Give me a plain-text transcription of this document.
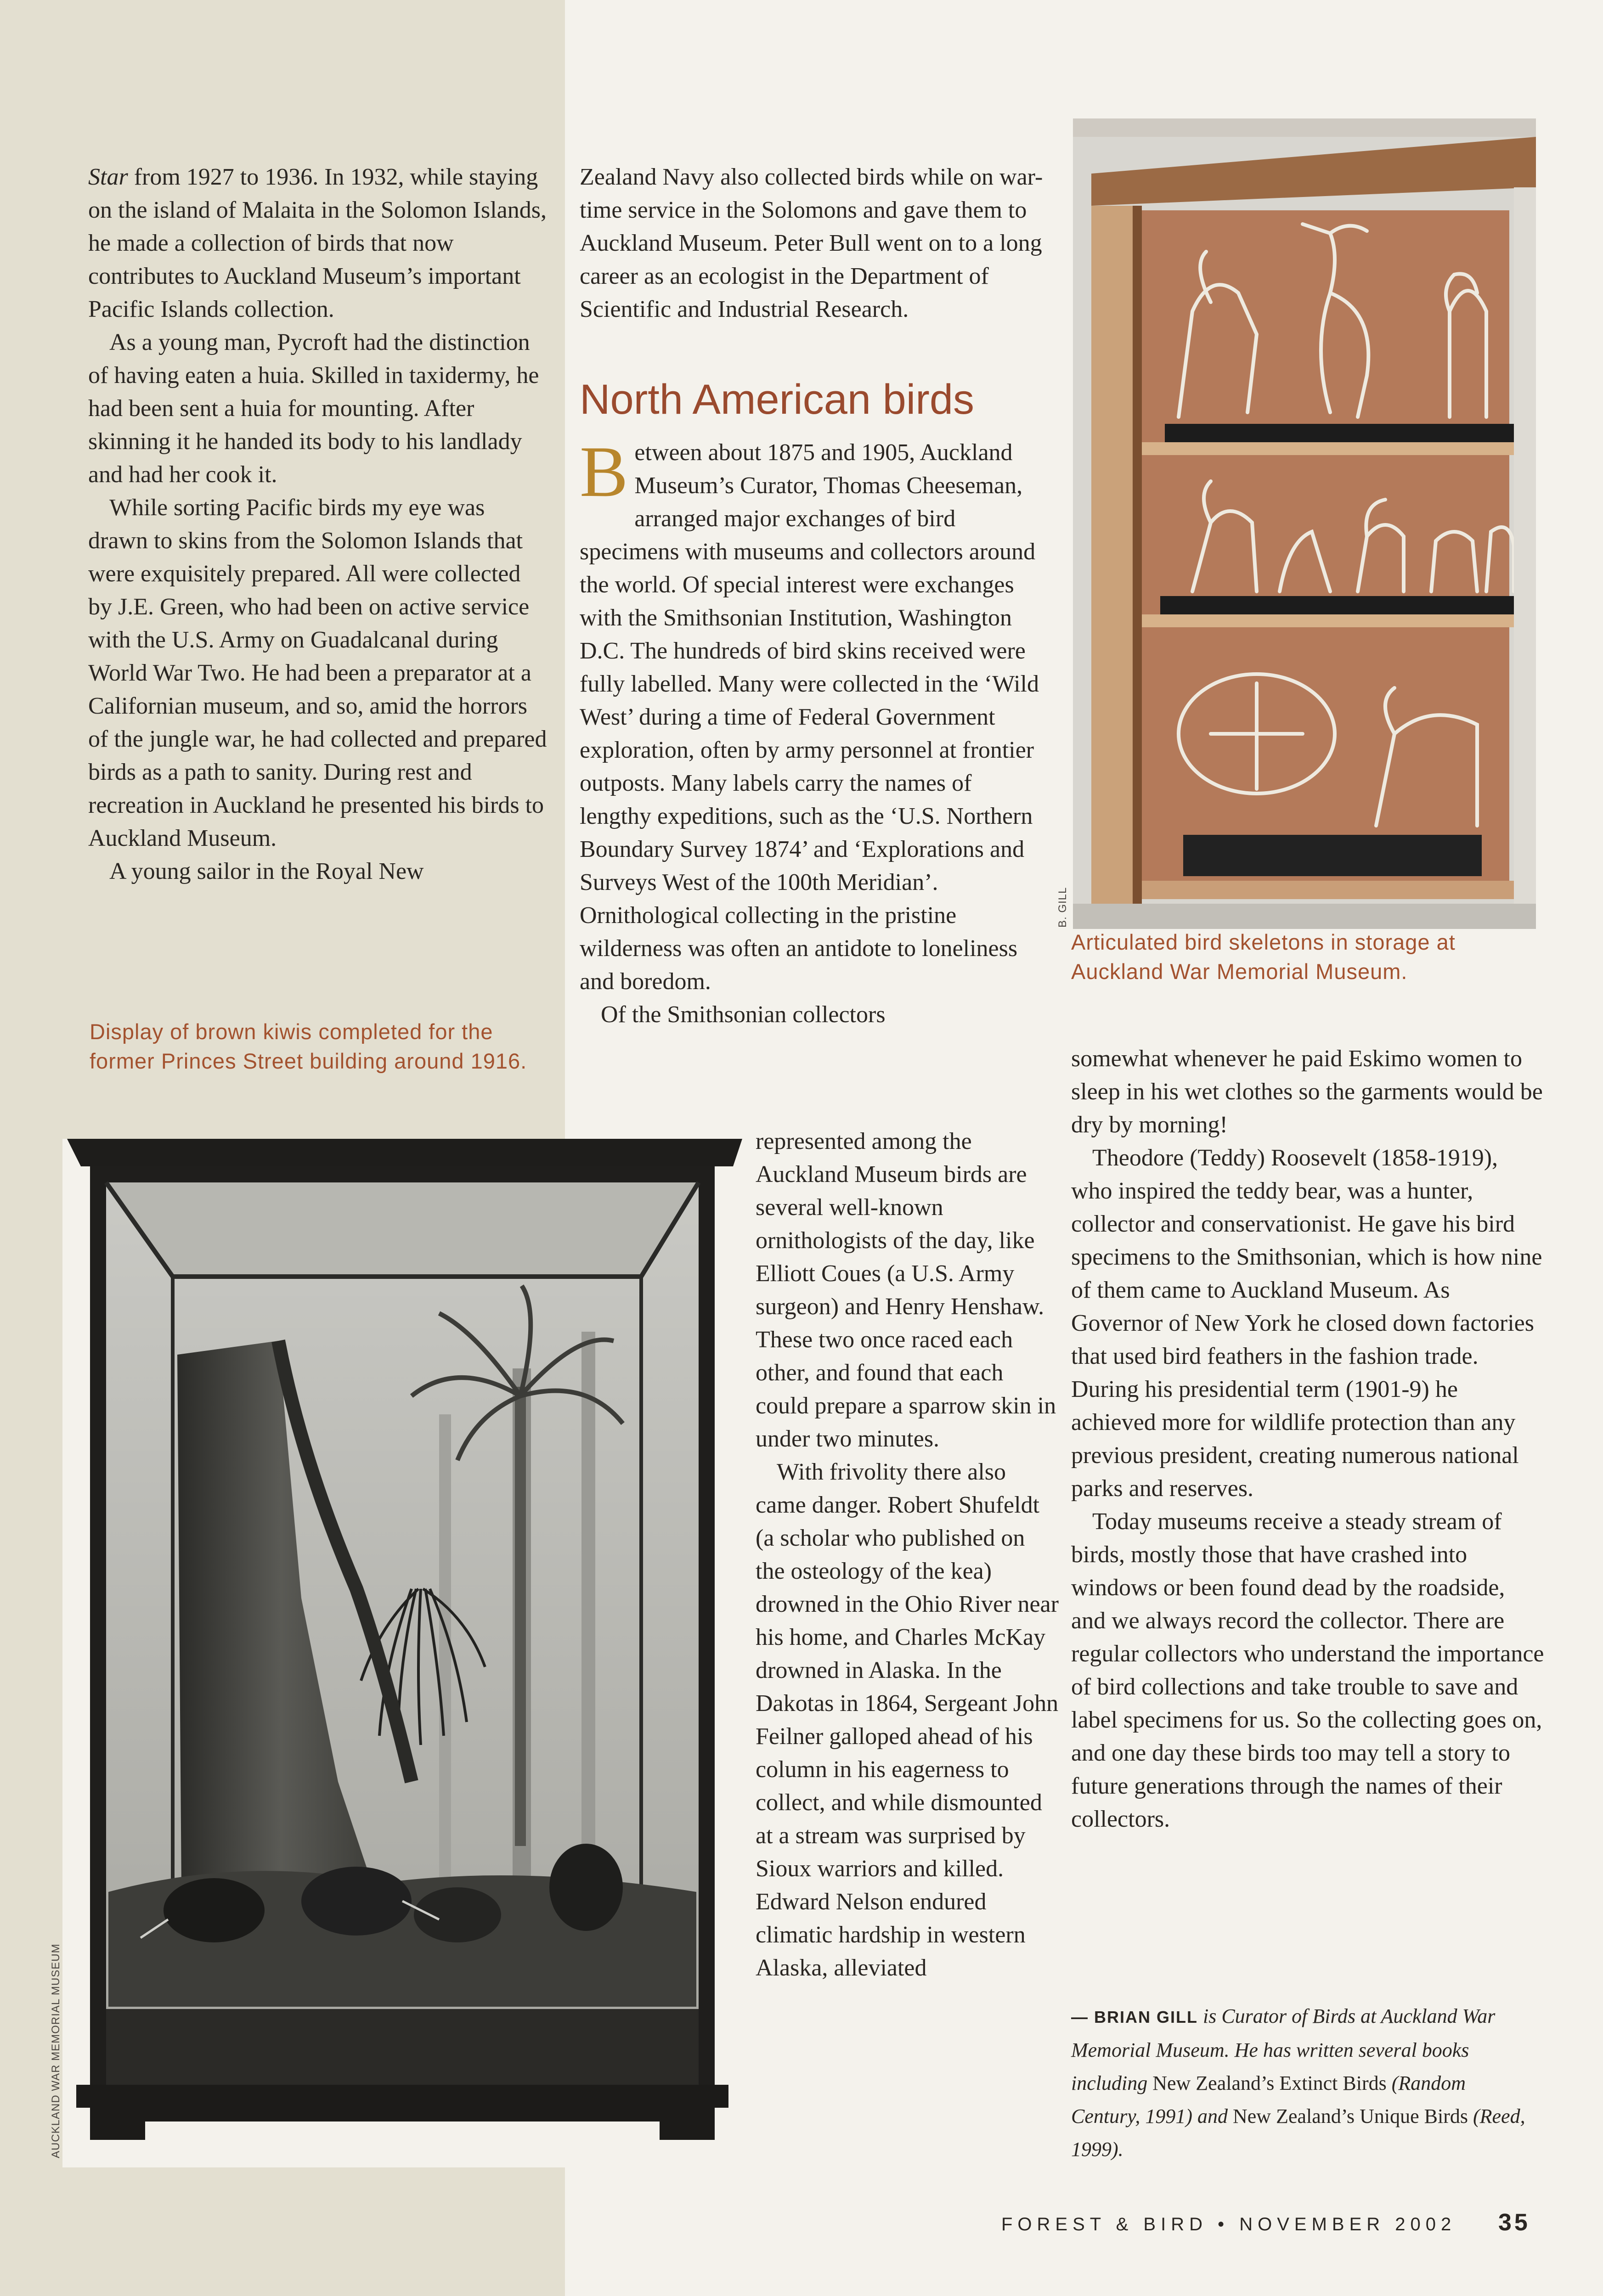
Star from 1927 to 1936. In 1932, while staying on the island of Malaita in the Solomon Islands, he made a collection of birds that now contributes to Auckland Museum’s important Pacific Islands collection.

As a young man, Pycroft had the distinction of having eaten a huia. Skilled in taxidermy, he had been sent a huia for mounting. After skinning it he handed its body to his landlady and had her cook it.

While sorting Pacific birds my eye was drawn to skins from the Solomon Islands that were exquisitely prepared. All were collected by J.E. Green, who had been on active service with the U.S. Army on Guadalcanal during World War Two. He had been a preparator at a Californian museum, and so, amid the horrors of the jungle war, he had collected and prepared birds as a path to sanity. During rest and recreation in Auckland he presented his birds to Auckland Museum.

A young sailor in the Royal New

Zealand Navy also collected birds while on war-time service in the Solomons and gave them to Auckland Museum. Peter Bull went on to a long career as an ecologist in the Department of Scientific and Industrial Research.

North American birds

Between about 1875 and 1905, Auckland Museum’s Curator, Thomas Cheeseman, arranged major exchanges of bird specimens with museums and collectors around the world. Of special interest were exchanges with the Smithsonian Institution, Washington D.C. The hundreds of bird skins received were fully labelled. Many were collected in the ‘Wild West’ during a time of Federal Government exploration, often by army personnel at frontier outposts. Many labels carry the names of lengthy expeditions, such as the ‘U.S. Northern Boundary Survey 1874’ and ‘Explorations and Surveys West of the 100th Meridian’. Ornithological collecting in the pristine wilderness was often an antidote to loneliness and boredom.

Of the Smithsonian collectors

represented among the Auckland Museum birds are several well-known ornithologists of the day, like Elliott Coues (a U.S. Army surgeon) and Henry Henshaw. These two once raced each other, and found that each could prepare a sparrow skin in under two minutes.

With frivolity there also came danger. Robert Shufeldt (a scholar who published on the osteology of the kea) drowned in the Ohio River near his home, and Charles McKay drowned in Alaska. In the Dakotas in 1864, Sergeant John Feilner galloped ahead of his column in his eagerness to collect, and while dismounted at a stream was surprised by Sioux warriors and killed. Edward Nelson endured climatic hardship in western Alaska, alleviated

somewhat whenever he paid Eskimo women to sleep in his wet clothes so the garments would be dry by morning!

Theodore (Teddy) Roosevelt (1858-1919), who inspired the teddy bear, was a hunter, collector and conservationist. He gave his bird specimens to the Smithsonian, which is how nine of them came to Auckland Museum. As Governor of New York he closed down factories that used bird feathers in the fashion trade. During his presidential term (1901-9) he achieved more for wildlife protection than any previous president, creating numerous national parks and reserves.

Today museums receive a steady stream of birds, mostly those that have crashed into windows or been found dead by the roadside, and we always record the collector. There are regular collectors who understand the importance of bird collections and take trouble to save and label specimens for us. So the collecting goes on, and one day these birds too may tell a story to future generations through the names of their collectors.

Display of brown kiwis completed for the former Princes Street building around 1916.
Articulated bird skeletons in storage at Auckland War Memorial Museum.
AUCKLAND WAR MEMORIAL MUSEUM
B. GILL
— BRIAN GILL is Curator of Birds at Auckland War Memorial Museum. He has written several books including New Zealand’s Extinct Birds (Random Century, 1991) and New Zealand’s Unique Birds (Reed, 1999).
FOREST & BIRD • NOVEMBER 2002 35
